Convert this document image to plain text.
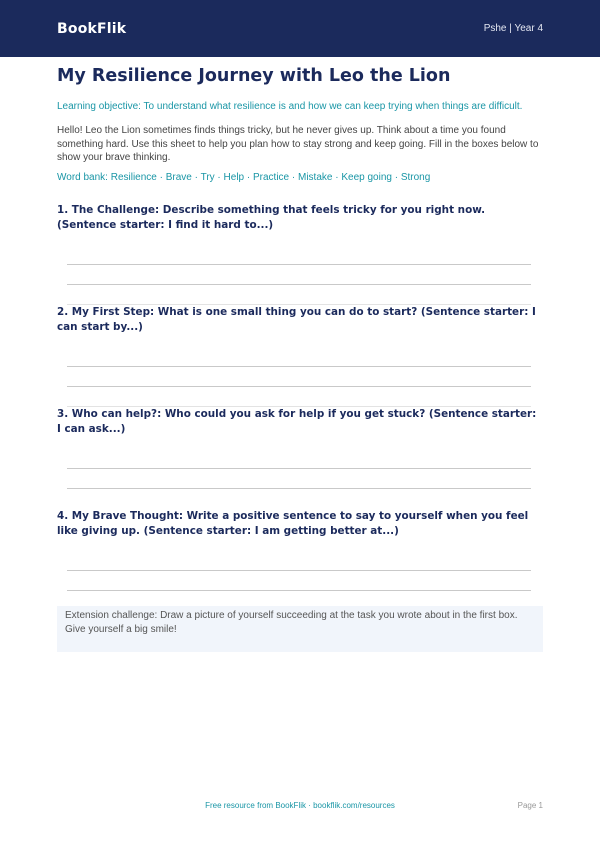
BookFlik	Pshe | Year 4
My Resilience Journey with Leo the Lion

Learning objective: To understand what resilience is and how we can keep trying when things are difficult.

Hello! Leo the Lion sometimes finds things tricky, but he never gives up. Think about a time you found something hard. Use this sheet to help you plan how to stay strong and keep going. Fill in the boxes below to show your brave thinking.

Word bank: Resilience · Brave · Try · Help · Practice · Mistake · Keep going · Strong

1. The Challenge: Describe something that feels tricky for you right now. (Sentence starter: I find it hard to...)

2. My First Step: What is one small thing you can do to start? (Sentence starter: I can start by...)

3. Who can help?: Who could you ask for help if you get stuck? (Sentence starter: I can ask...)

4. My Brave Thought: Write a positive sentence to say to yourself when you feel like giving up. (Sentence starter: I am getting better at...)

Extension challenge: Draw a picture of yourself succeeding at the task you wrote about in the first box. Give yourself a big smile!
Free resource from BookFlik · bookflik.com/resources	Page 1
